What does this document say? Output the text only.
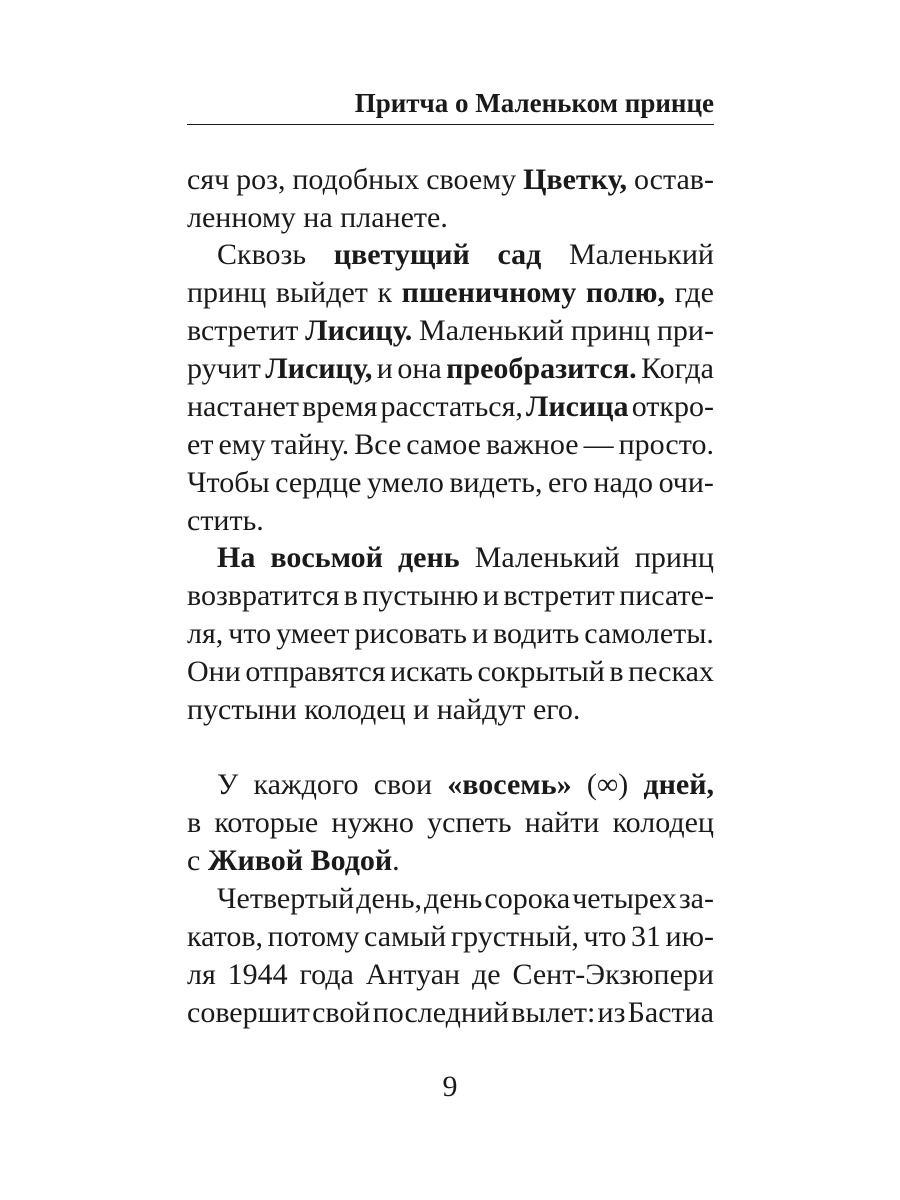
Притча о Маленьком принце
сяч роз, подобных своему Цветку, остав-
ленному на планете.
Сквозь цветущий сад Маленький
принц выйдет к пшеничному полю, где
встретит Лисицу. Маленький принц при-
ручит Лисицу, и она преобразится. Когда
настанет время расстаться, Лисица откро-
ет ему тайну. Все самое важное — просто.
Чтобы сердце умело видеть, его надо очи-
стить.
На восьмой день Маленький принц
возвратится в пустыню и встретит писате-
ля, что умеет рисовать и водить самолеты.
Они отправятся искать сокрытый в песках
пустыни колодец и найдут его.
У каждого свои «восемь» (∞) дней,
в которые нужно успеть найти колодец
с Живой Водой.
Четвертый день, день сорока четырех за-
катов, потому самый грустный, что 31 ию-
ля 1944 года Антуан де Сент-Экзюпери
совершит свой последний вылет: из Бастиа
9
